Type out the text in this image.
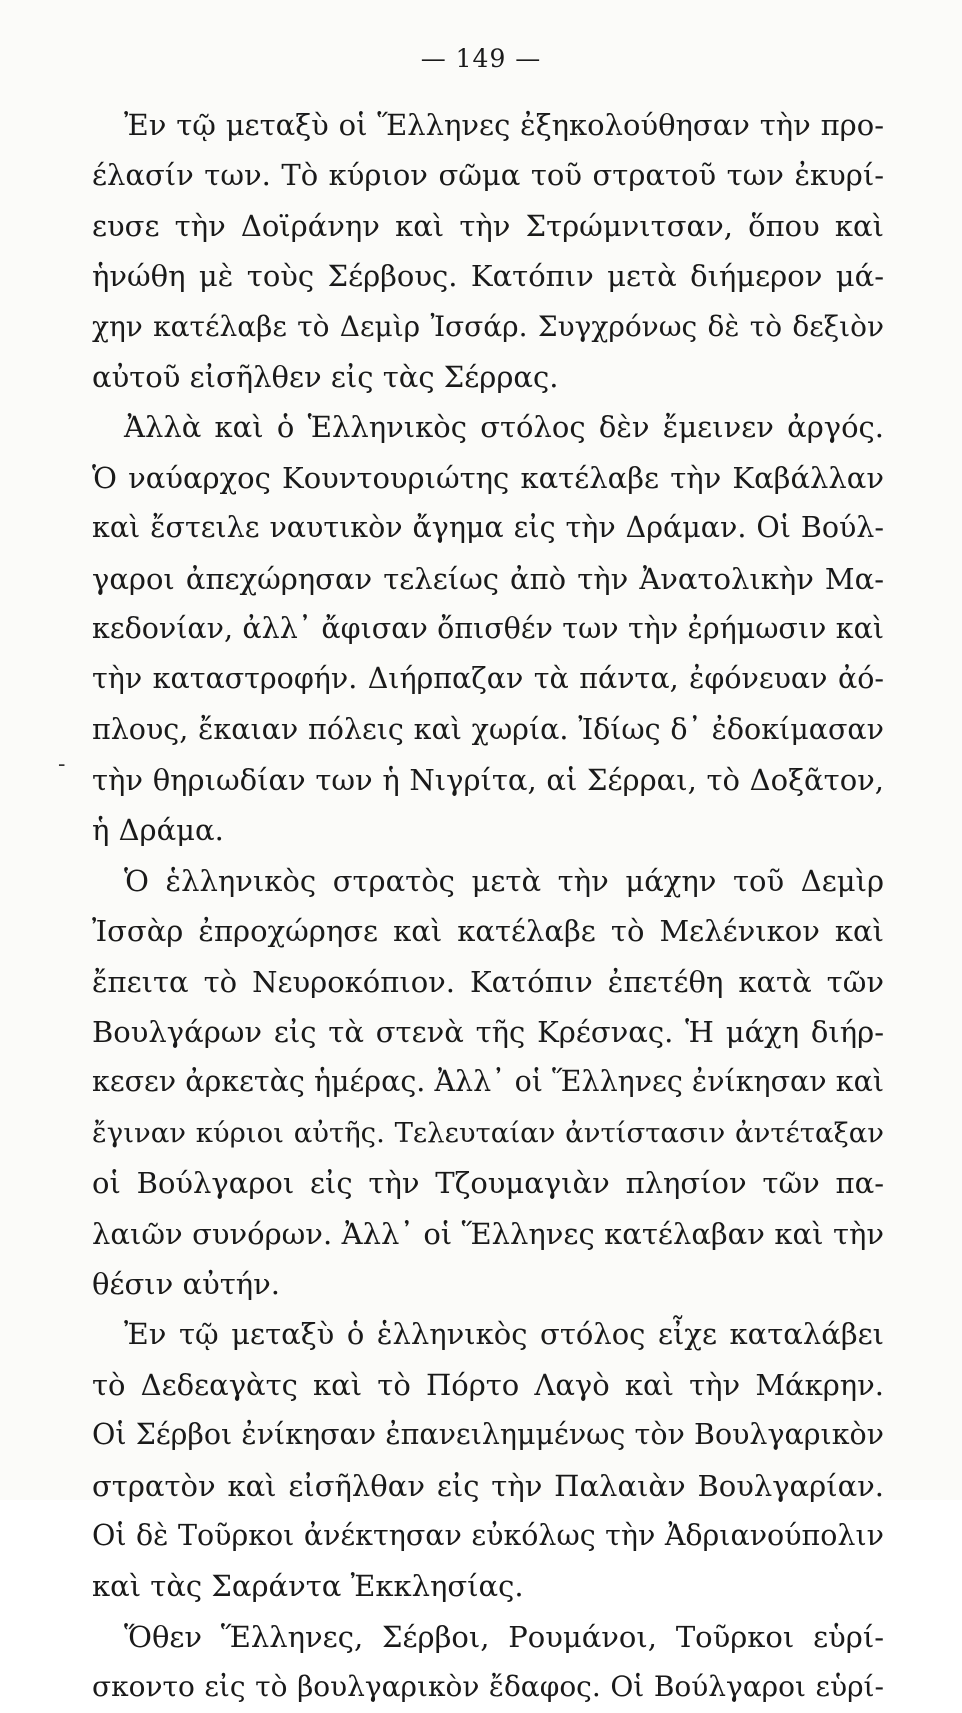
— 149 —
-
Ἐν τῷ μεταξὺ οἱ Ἕλληνες ἐξηκολούθησαν τὴν προ-
έλασίν των. Τὸ κύριον σῶμα τοῦ στρατοῦ των ἐκυρί-
ευσε τὴν Δοϊράνην καὶ τὴν Στρώμνιτσαν, ὅπου καὶ
ἡνώθη μὲ τοὺς Σέρβους. Κατόπιν μετὰ διήμερον μά-
χην κατέλαβε τὸ Δεμὶρ Ἰσσάρ. Συγχρόνως δὲ τὸ δεξιὸν
αὐτοῦ εἰσῆλθεν εἰς τὰς Σέρρας.
Ἀλλὰ καὶ ὁ Ἑλληνικὸς στόλος δὲν ἔμεινεν ἀργός.
Ὁ ναύαρχος Κουντουριώτης κατέλαβε τὴν Καβάλλαν
καὶ ἔστειλε ναυτικὸν ἄγημα εἰς τὴν Δράμαν. Οἱ Βούλ-
γαροι ἀπεχώρησαν τελείως ἀπὸ τὴν Ἀνατολικὴν Μα-
κεδονίαν, ἀλλ᾽ ἄφισαν ὄπισθέν των τὴν ἐρήμωσιν καὶ
τὴν καταστροφήν. Διήρπαζαν τὰ πάντα, ἐφόνευαν ἀό-
πλους, ἔκαιαν πόλεις καὶ χωρία. Ἰδίως δ᾽ ἐδοκίμασαν
τὴν θηριωδίαν των ἡ Νιγρίτα, αἱ Σέρραι, τὸ Δοξᾶτον,
ἡ Δράμα.
Ὁ ἑλληνικὸς στρατὸς μετὰ τὴν μάχην τοῦ Δεμὶρ
Ἰσσὰρ ἐπροχώρησε καὶ κατέλαβε τὸ Μελένικον καὶ
ἔπειτα τὸ Νευροκόπιον. Κατόπιν ἐπετέθη κατὰ τῶν
Βουλγάρων εἰς τὰ στενὰ τῆς Κρέσνας. Ἡ μάχη διήρ-
κεσεν ἀρκετὰς ἡμέρας. Ἀλλ᾽ οἱ Ἕλληνες ἐνίκησαν καὶ
ἔγιναν κύριοι αὐτῆς. Τελευταίαν ἀντίστασιν ἀντέταξαν
οἱ Βούλγαροι εἰς τὴν Τζουμαγιὰν πλησίον τῶν πα-
λαιῶν συνόρων. Ἀλλ᾽ οἱ Ἕλληνες κατέλαβαν καὶ τὴν
θέσιν αὐτήν.
Ἐν τῷ μεταξὺ ὁ ἑλληνικὸς στόλος εἶχε καταλάβει
τὸ Δεδεαγὰτς καὶ τὸ Πόρτο Λαγὸ καὶ τὴν Μάκρην.
Οἱ Σέρβοι ἐνίκησαν ἐπανειλημμένως τὸν Βουλγαρικὸν
στρατὸν καὶ εἰσῆλθαν εἰς τὴν Παλαιὰν Βουλγαρίαν.
Οἱ δὲ Τοῦρκοι ἀνέκτησαν εὐκόλως τὴν Ἀδριανούπολιν
καὶ τὰς Σαράντα Ἐκκλησίας.
Ὅθεν Ἕλληνες, Σέρβοι, Ρουμάνοι, Τοῦρκοι εὑρί-
σκοντο εἰς τὸ βουλγαρικὸν ἔδαφος. Οἱ Βούλγαροι εὑρί-
